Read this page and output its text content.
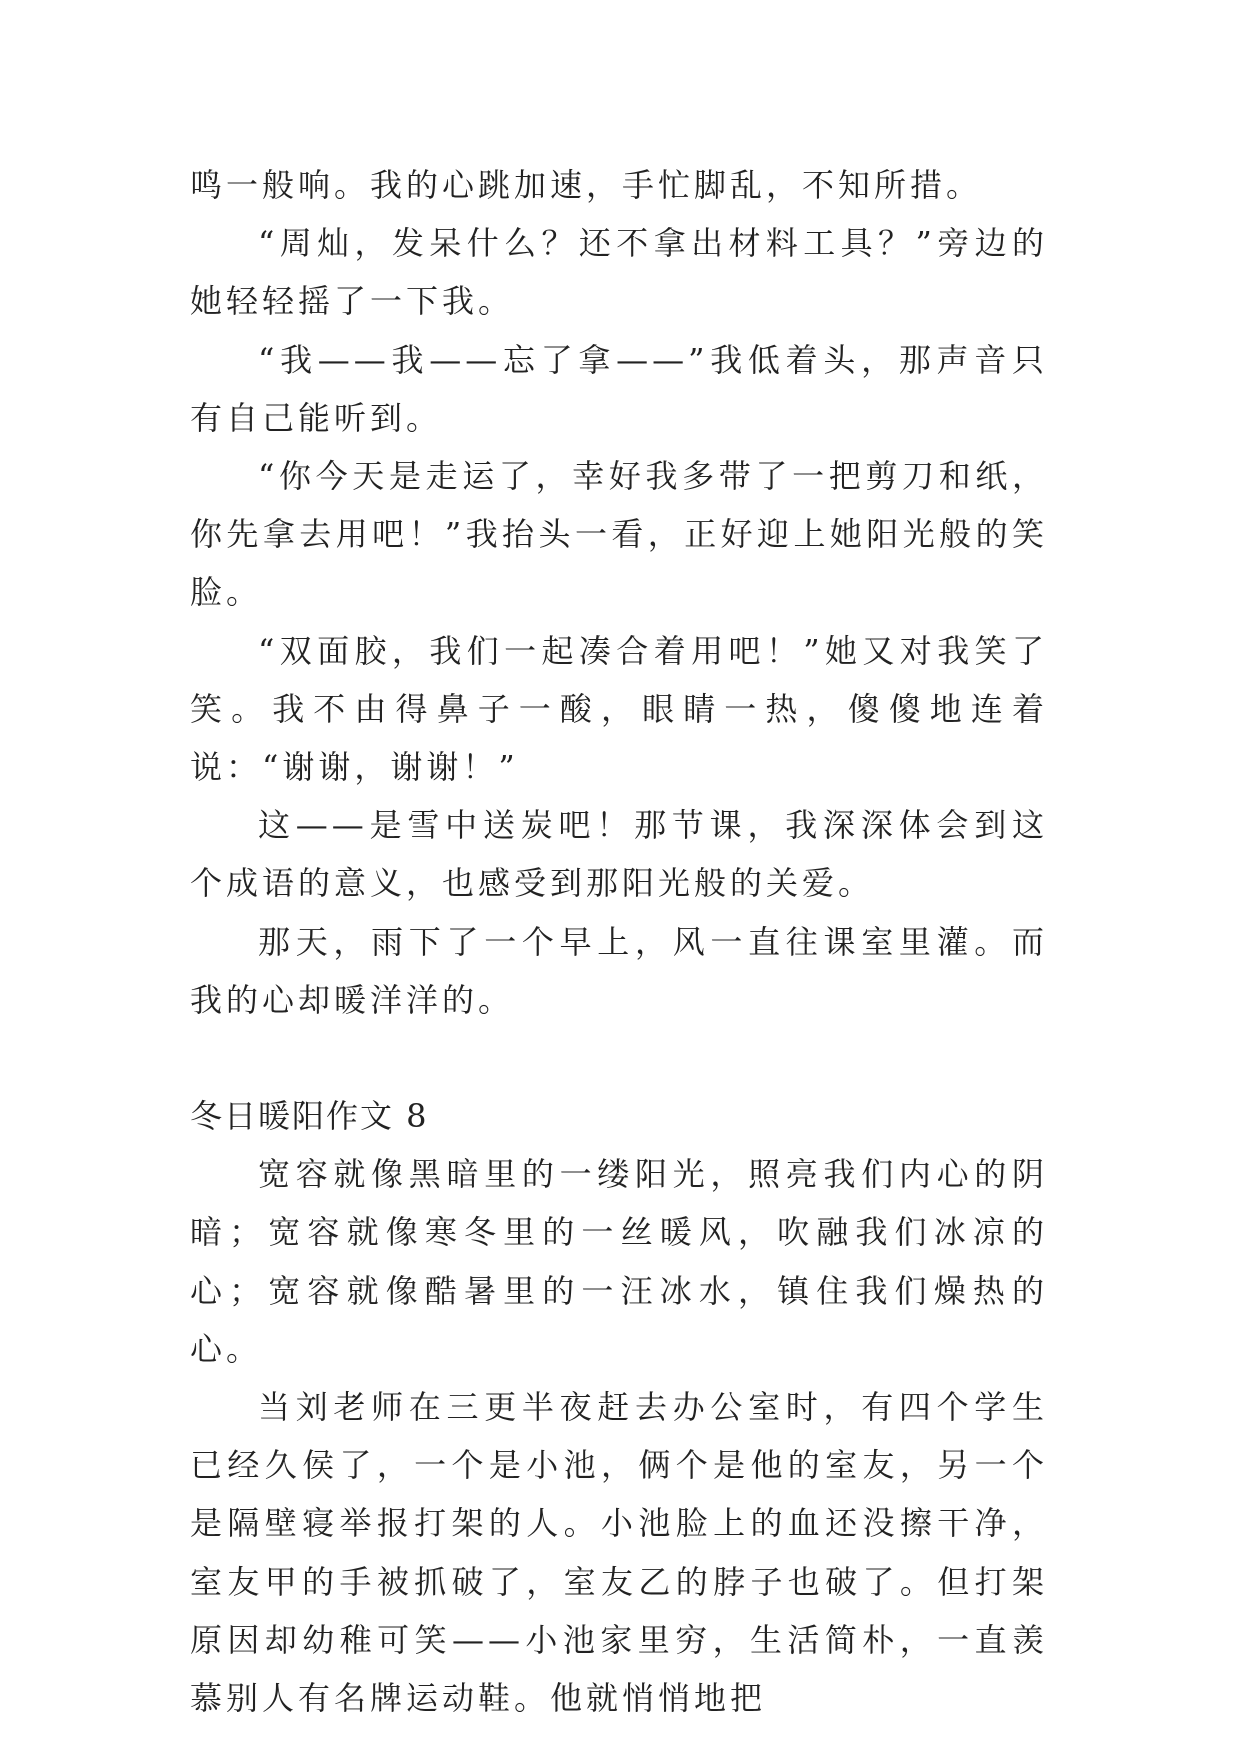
鸣一般响。我的心跳加速，手忙脚乱，不知所措。

“周灿，发呆什么？还不拿出材料工具？”旁边的她轻轻摇了一下我。

“我——我——忘了拿——”我低着头，那声音只有自己能听到。

“你今天是走运了，幸好我多带了一把剪刀和纸，你先拿去用吧！”我抬头一看，正好迎上她阳光般的笑脸。

“双面胶，我们一起凑合着用吧！”她又对我笑了笑。我不由得鼻子一酸，眼睛一热，傻傻地连着说：“谢谢，谢谢！”

这——是雪中送炭吧！那节课，我深深体会到这个成语的意义，也感受到那阳光般的关爱。

那天，雨下了一个早上，风一直往课室里灌。而我的心却暖洋洋的。

冬日暖阳作文 8

宽容就像黑暗里的一缕阳光，照亮我们内心的阴暗；宽容就像寒冬里的一丝暖风，吹融我们冰凉的心；宽容就像酷暑里的一汪冰水，镇住我们燥热的心。

当刘老师在三更半夜赶去办公室时，有四个学生已经久侯了，一个是小池，俩个是他的室友，另一个是隔壁寝举报打架的人。小池脸上的血还没擦干净，室友甲的手被抓破了，室友乙的脖子也破了。但打架原因却幼稚可笑——小池家里穷，生活简朴，一直羡慕别人有名牌运动鞋。他就悄悄地把
